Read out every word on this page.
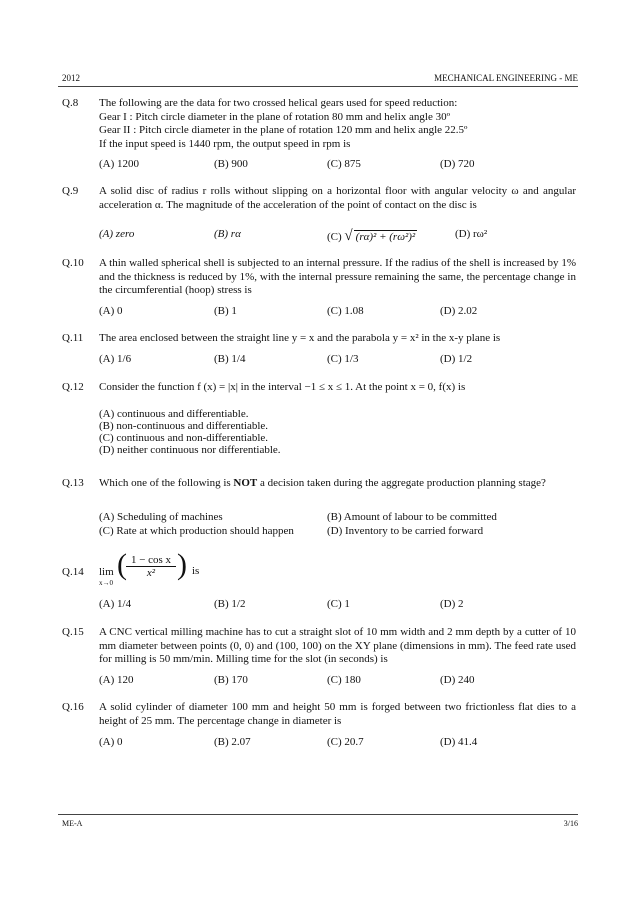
2012	MECHANICAL ENGINEERING - ME
Q.8	The following are the data for two crossed helical gears used for speed reduction:
Gear I : Pitch circle diameter in the plane of rotation 80 mm and helix angle 30º
Gear II : Pitch circle diameter in the plane of rotation 120 mm and helix angle 22.5º
If the input speed is 1440 rpm, the output speed in rpm is
(A) 1200	(B) 900	(C) 875	(D) 720
Q.9	A solid disc of radius r rolls without slipping on a horizontal floor with angular velocity ω and angular acceleration α. The magnitude of the acceleration of the point of contact on the disc is
(A) zero	(B) rα	(C) √ (rα)² + (rω²)²	(D) rω²
Q.10	A thin walled spherical shell is subjected to an internal pressure. If the radius of the shell is increased by 1% and the thickness is reduced by 1%, with the internal pressure remaining the same, the percentage change in the circumferential (hoop) stress is
(A) 0	(B) 1	(C) 1.08	(D) 2.02
Q.11	The area enclosed between the straight line y = x and the parabola y = x² in the x-y plane is
(A) 1/6	(B) 1/4	(C) 1/3	(D) 1/2
Q.12	Consider the function f (x) = |x| in the interval −1 ≤ x ≤ 1. At the point x = 0, f(x) is
(A) continuous and differentiable.
(B) non-continuous and differentiable.
(C) continuous and non-differentiable.
(D) neither continuous nor differentiable.
Q.13	Which one of the following is NOT a decision taken during the aggregate production planning stage?
(A) Scheduling of machines	(B) Amount of labour to be committed
(C) Rate at which production should happen	(D) Inventory to be carried forward
Q.14	lim
x→0
( $\frac{\text{1 − cos x}}{\text{x²}}$ ) is
(A) 1/4	(B) 1/2	(C) 1	(D) 2
Q.15	A CNC vertical milling machine has to cut a straight slot of 10 mm width and 2 mm depth by a cutter of 10 mm diameter between points (0, 0) and (100, 100) on the XY plane (dimensions in mm). The feed rate used for milling is 50 mm/min. Milling time for the slot (in seconds) is
(A) 120	(B) 170	(C) 180	(D) 240
Q.16	A solid cylinder of diameter 100 mm and height 50 mm is forged between two frictionless flat dies to a height of 25 mm. The percentage change in diameter is
(A) 0	(B) 2.07	(C) 20.7	(D) 41.4
ME-A	3/16
